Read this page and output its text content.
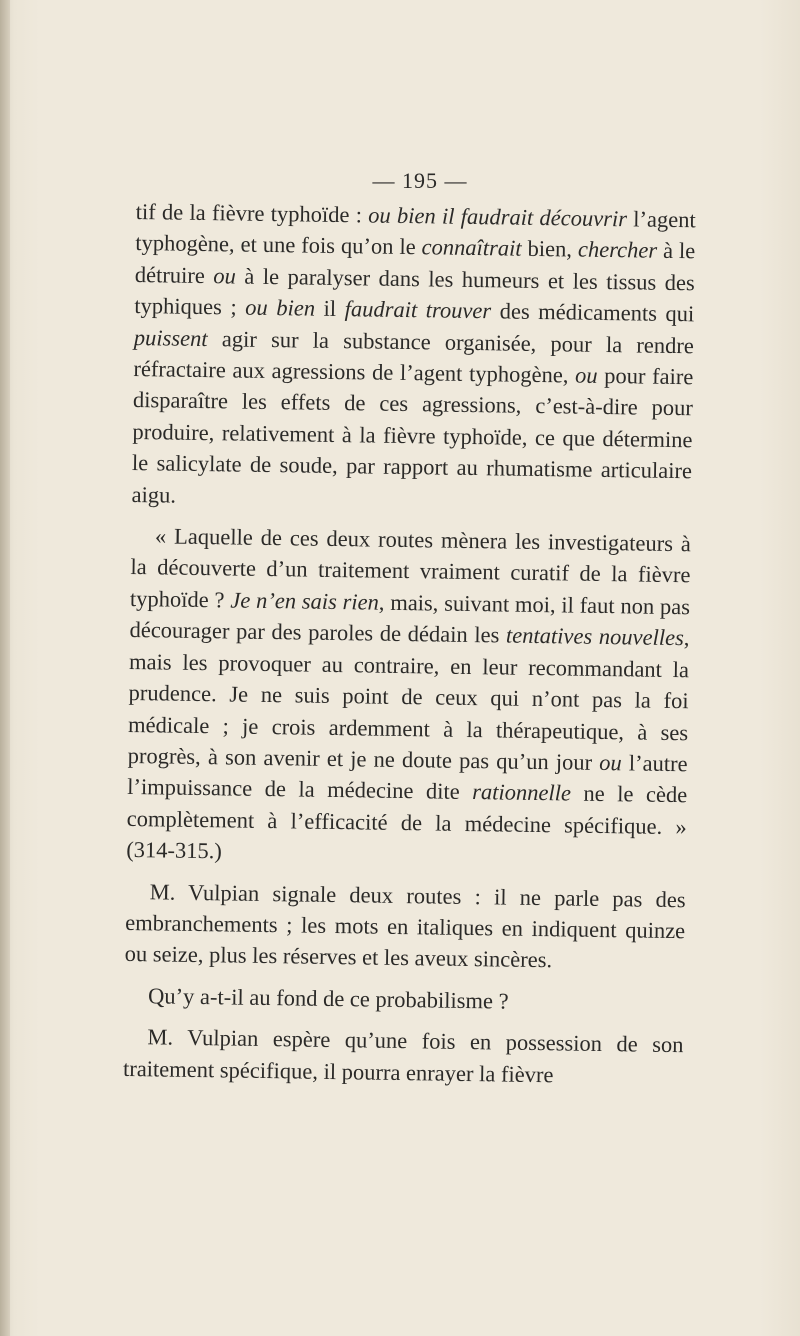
— 195 —

tif de la fièvre typhoïde : ou bien il faudrait découvrir l’agent typhogène, et une fois qu’on le connaîtrait bien, chercher à le détruire ou à le paralyser dans les humeurs et les tissus des typhiques ; ou bien il faudrait trouver des médicaments qui puissent agir sur la substance organisée, pour la rendre réfractaire aux agressions de l’agent typhogène, ou pour faire disparaître les effets de ces agressions, c’est-à-dire pour produire, relativement à la fièvre typhoïde, ce que détermine le salicylate de soude, par rapport au rhumatisme articulaire aigu.

« Laquelle de ces deux routes mènera les investigateurs à la découverte d’un traitement vraiment curatif de la fièvre typhoïde ? Je n’en sais rien, mais, suivant moi, il faut non pas décourager par des paroles de dédain les tentatives nouvelles, mais les provoquer au contraire, en leur recommandant la prudence. Je ne suis point de ceux qui n’ont pas la foi médicale ; je crois ardemment à la thérapeutique, à ses progrès, à son avenir et je ne doute pas qu’un jour ou l’autre l’impuissance de la médecine dite rationnelle ne le cède complètement à l’efficacité de la médecine spécifique. » (314-315.)

M. Vulpian signale deux routes : il ne parle pas des embranchements ; les mots en italiques en indiquent quinze ou seize, plus les réserves et les aveux sincères.

Qu’y a-t-il au fond de ce probabilisme ?

M. Vulpian espère qu’une fois en possession de son traitement spécifique, il pourra enrayer la fièvre
